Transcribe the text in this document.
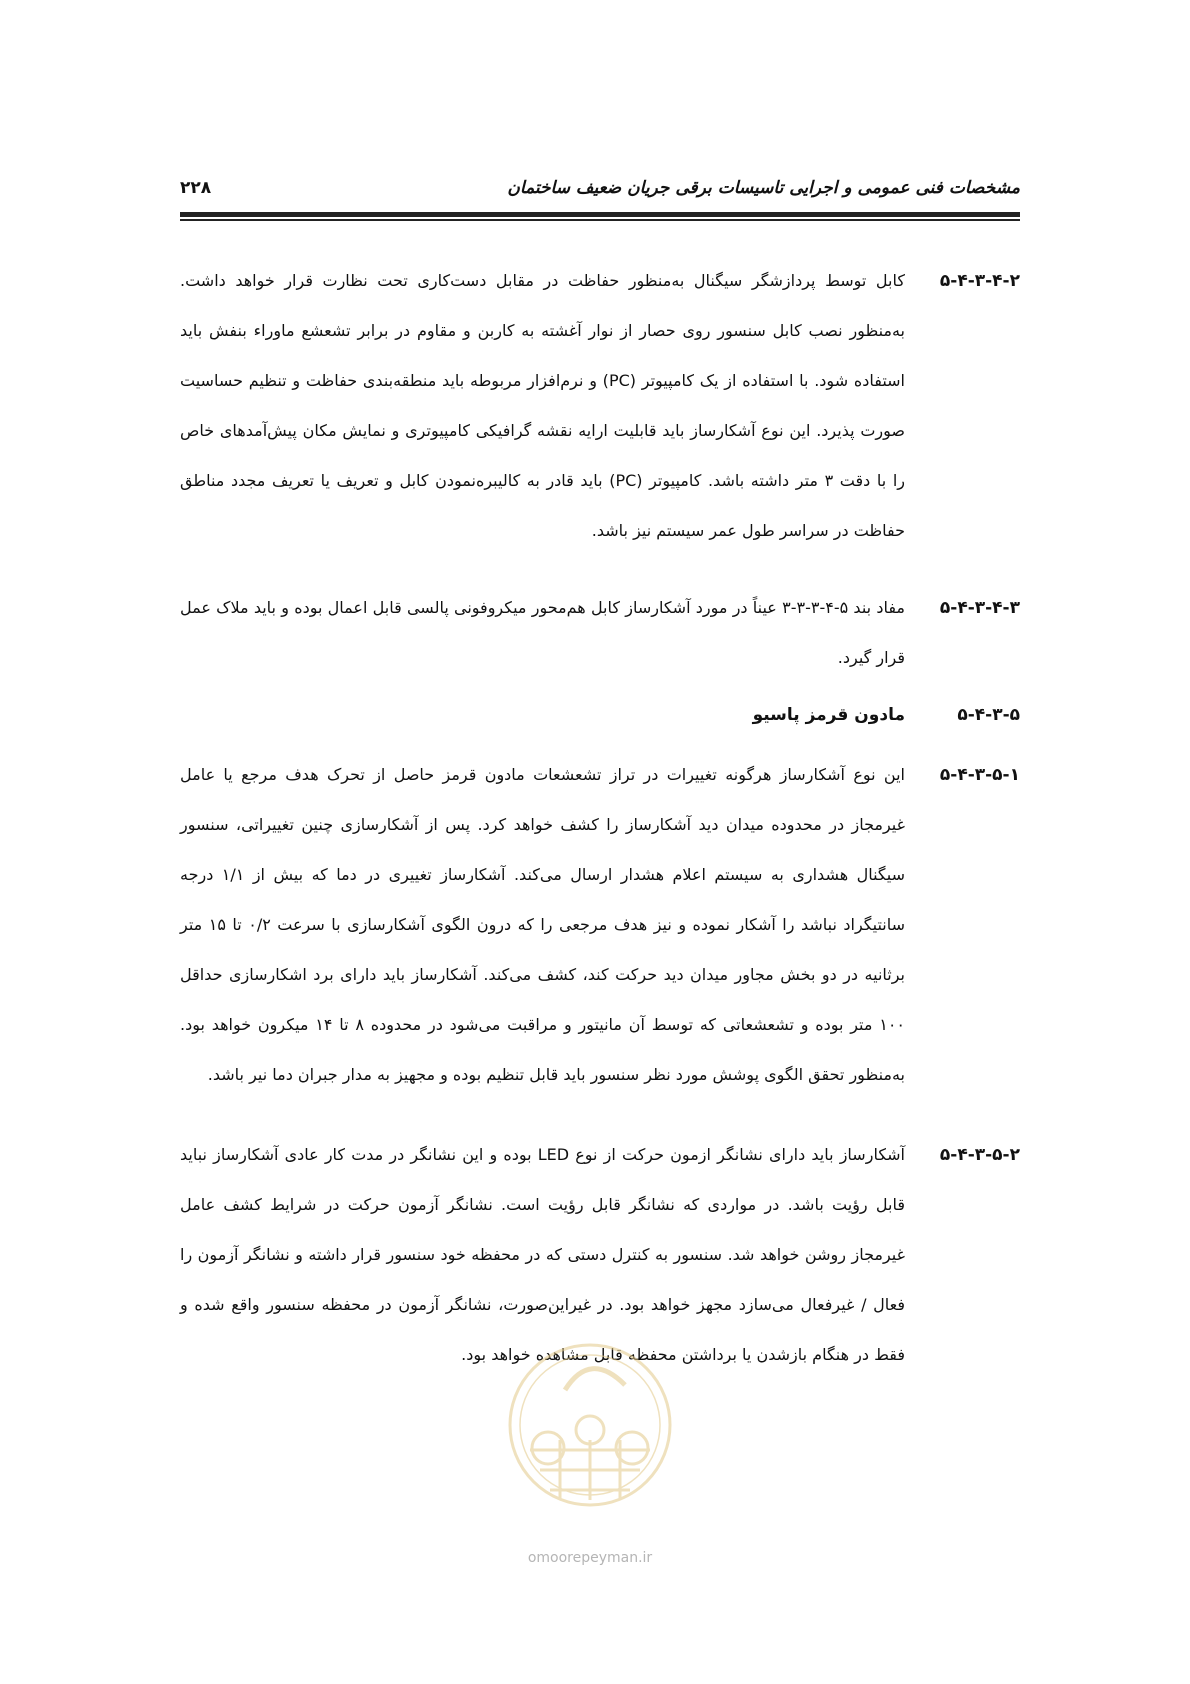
مشخصات فنی عمومی و اجرایی تاسیسات برقی جریان ضعیف ساختمان
۲۲۸
۵-۴-۳-۴-۲
کابل توسط پردازشگر سیگنال به‌منظور حفاظت در مقابل دست‌کاری تحت نظارت قرار خواهد داشت. به‌منظور نصب کابل سنسور روی حصار از نوار آغشته به کاربن و مقاوم در برابر تشعشع ماوراء بنفش باید استفاده شود. با استفاده از یک کامپیوتر (PC) و نرم‌افزار مربوطه باید منطقه‌بندی حفاظت و تنظیم حساسیت صورت پذیرد. این نوع آشکارساز باید قابلیت ارایه نقشه گرافیکی کامپیوتری و نمایش مکان پیش‌آمدهای خاص را با دقت ۳ متر داشته باشد. کامپیوتر (PC) باید قادر به کالیبره‌نمودن کابل و تعریف یا تعریف مجدد مناطق حفاظت در سراسر طول عمر سیستم نیز باشد.
۵-۴-۳-۴-۳
مفاد بند ۵-۴-۳-۳-۳ عیناً در مورد آشکارساز کابل هم‌محور میکروفونی پالسی قابل اعمال بوده و باید ملاک عمل قرار گیرد.
۵-۴-۳-۵
مادون قرمز پاسیو
۵-۴-۳-۵-۱
این نوع آشکارساز هرگونه تغییرات در تراز تشعشعات مادون قرمز حاصل از تحرک هدف مرجع یا عامل غیرمجاز در محدوده میدان دید آشکارساز را کشف خواهد کرد. پس از آشکارسازی چنین تغییراتی، سنسور سیگنال هشداری به سیستم اعلام هشدار ارسال می‌کند. آشکارساز تغییری در دما که بیش از ۱/۱ درجه سانتیگراد نباشد را آشکار نموده و نیز هدف مرجعی را که درون الگوی آشکارسازی با سرعت ۰/۲ تا ۱۵ متر برثانیه در دو بخش مجاور میدان دید حرکت کند، کشف می‌کند. آشکارساز باید دارای برد اشکارسازی حداقل ۱۰۰ متر بوده و تشعشعاتی که توسط آن مانیتور و مراقبت می‌شود در محدوده ۸ تا ۱۴ میکرون خواهد بود. به‌منظور تحقق الگوی پوشش مورد نظر سنسور باید قابل تنظیم بوده و مجهیز به مدار جبران دما نیر باشد.
۵-۴-۳-۵-۲
آشکارساز باید دارای نشانگر ازمون حرکت از نوع LED بوده و این نشانگر در مدت کار عادی آشکارساز نباید قابل رؤیت باشد. در مواردی که نشانگر قابل رؤیت است. نشانگر آزمون حرکت در شرایط کشف عامل غیرمجاز روشن خواهد شد. سنسور به کنترل دستی که در محفظه خود سنسور قرار داشته و نشانگر آزمون را فعال / غیرفعال می‌سازد مجهز خواهد بود. در غیراین‌صورت، نشانگر آزمون در محفظه سنسور واقع شده و فقط در هنگام بازشدن یا برداشتن محفظه قابل مشاهده خواهد بود.
omoorepeyman.ir
